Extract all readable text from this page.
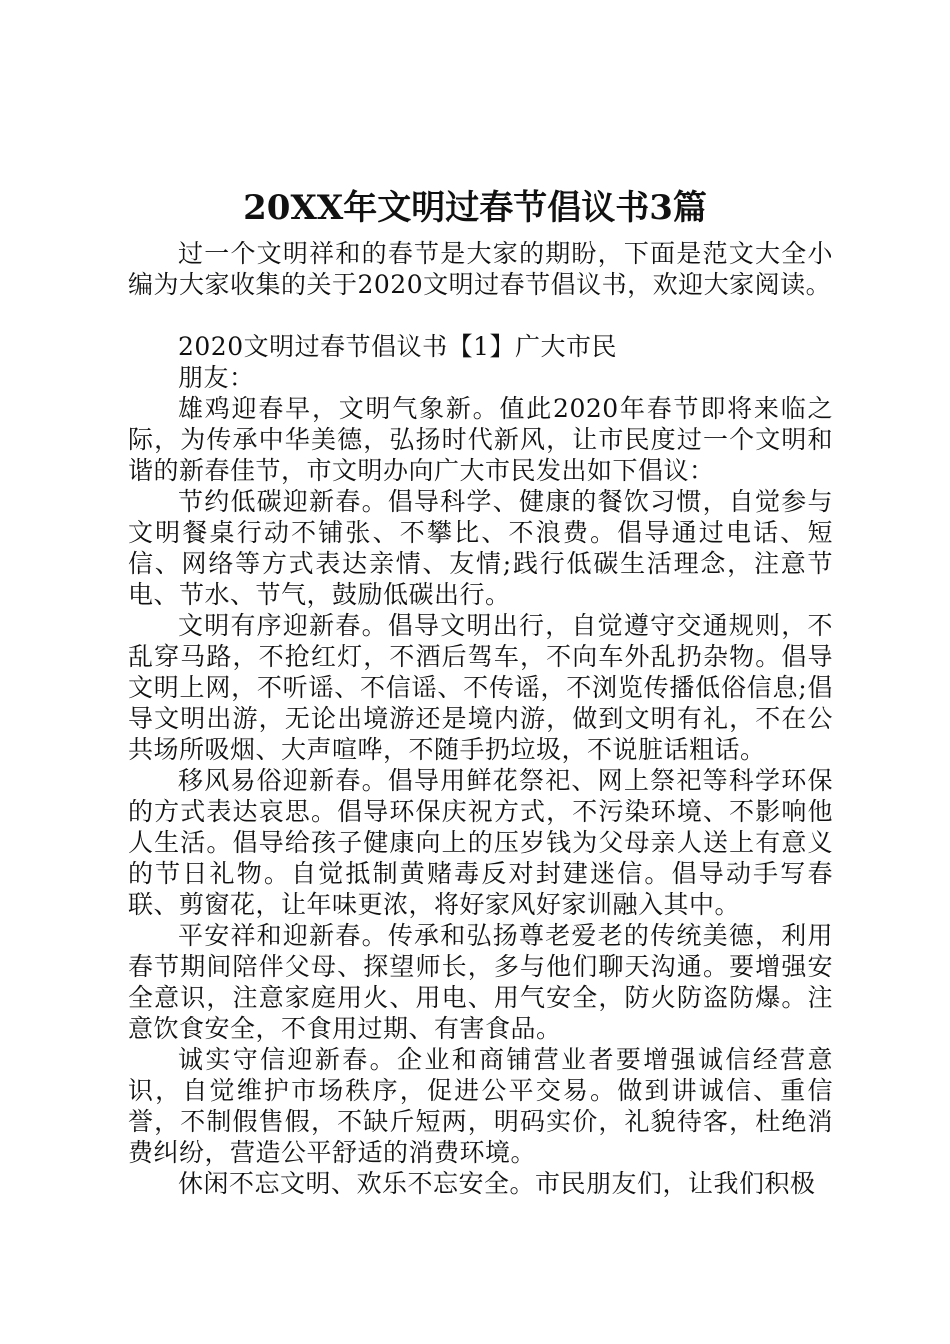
20XX年文明过春节倡议书3篇

过一个文明祥和的春节是大家的期盼，下面是范文大全小编为大家收集的关于2020文明过春节倡议书，欢迎大家阅读。

2020文明过春节倡议书【1】广大市民

朋友：

雄鸡迎春早，文明气象新。值此2020年春节即将来临之际，为传承中华美德，弘扬时代新风，让市民度过一个文明和谐的新春佳节，市文明办向广大市民发出如下倡议：

节约低碳迎新春。倡导科学、健康的餐饮习惯，自觉参与文明餐桌行动不铺张、不攀比、不浪费。倡导通过电话、短信、网络等方式表达亲情、友情;践行低碳生活理念，注意节电、节水、节气，鼓励低碳出行。

文明有序迎新春。倡导文明出行，自觉遵守交通规则，不乱穿马路，不抢红灯，不酒后驾车，不向车外乱扔杂物。倡导文明上网，不听谣、不信谣、不传谣，不浏览传播低俗信息;倡导文明出游，无论出境游还是境内游，做到文明有礼，不在公共场所吸烟、大声喧哗，不随手扔垃圾，不说脏话粗话。

移风易俗迎新春。倡导用鲜花祭祀、网上祭祀等科学环保的方式表达哀思。倡导环保庆祝方式，不污染环境、不影响他人生活。倡导给孩子健康向上的压岁钱为父母亲人送上有意义的节日礼物。自觉抵制黄赌毒反对封建迷信。倡导动手写春联、剪窗花，让年味更浓，将好家风好家训融入其中。

平安祥和迎新春。传承和弘扬尊老爱老的传统美德，利用春节期间陪伴父母、探望师长，多与他们聊天沟通。要增强安全意识，注意家庭用火、用电、用气安全，防火防盗防爆。注意饮食安全，不食用过期、有害食品。

诚实守信迎新春。企业和商铺营业者要增强诚信经营意识，自觉维护市场秩序，促进公平交易。做到讲诚信、重信誉，不制假售假，不缺斤短两，明码实价，礼貌待客，杜绝消费纠纷，营造公平舒适的消费环境。

休闲不忘文明、欢乐不忘安全。市民朋友们，让我们积极
